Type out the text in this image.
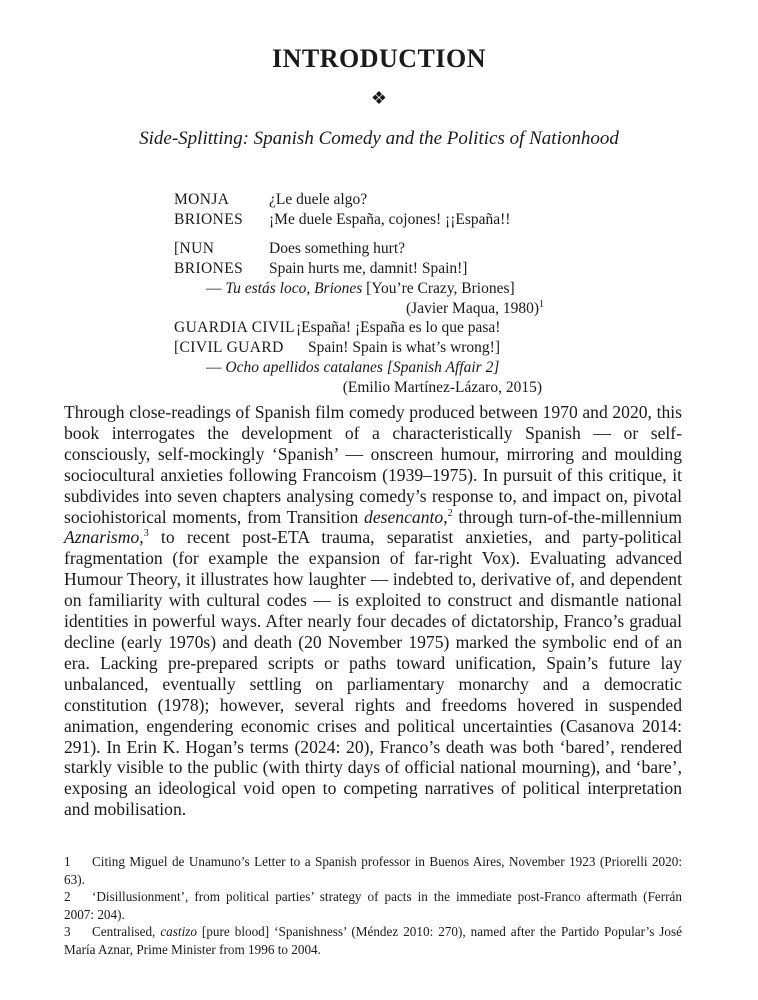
INTRODUCTION
❖
Side-Splitting: Spanish Comedy and the Politics of Nationhood
MONJA	¿Le duele algo?
BRIONES ¡Me duele España, cojones! ¡¡España!!
[NUN	Does something hurt?
BRIONES Spain hurts me, damnit! Spain!]
— Tu estás loco, Briones [You’re Crazy, Briones]
(Javier Maqua, 1980)$^1$
GUARDIA CIVIL ¡España! ¡España es lo que pasa!
[CIVIL GUARD Spain! Spain is what’s wrong!]
— Ocho apellidos catalanes [Spanish Affair 2]
(Emilio Martínez-Lázaro, 2015)

Through close-readings of Spanish film comedy produced between 1970 and 2020, this book interrogates the development of a characteristically Spanish — or self-consciously, self-mockingly ‘Spanish’ — onscreen humour, mirroring and moulding sociocultural anxieties following Francoism (1939–1975). In pursuit of this critique, it subdivides into seven chapters analysing comedy’s response to, and impact on, pivotal sociohistorical moments, from Transition desencanto,$^2$ through turn-of-the-millennium Aznarismo,$^3$ to recent post-ETA trauma, separatist anxieties, and party-political fragmentation (for example the expansion of far-right Vox). Evaluating advanced Humour Theory, it illustrates how laughter — indebted to, derivative of, and dependent on familiarity with cultural codes — is exploited to construct and dismantle national identities in powerful ways. After nearly four decades of dictatorship, Franco’s gradual decline (early 1970s) and death (20 November 1975) marked the symbolic end of an era. Lacking pre-prepared scripts or paths toward unification, Spain’s future lay unbalanced, eventually settling on parliamentary monarchy and a democratic constitution (1978); however, several rights and freedoms hovered in suspended animation, engendering economic crises and political uncertainties (Casanova 2014: 291). In Erin K. Hogan’s terms (2024: 20), Franco’s death was both ‘bared’, rendered starkly visible to the public (with thirty days of official national mourning), and ‘bare’, exposing an ideological void open to competing narratives of political interpretation and mobilisation.

1 Citing Miguel de Unamuno’s Letter to a Spanish professor in Buenos Aires, November 1923 (Priorelli 2020: 63).

2 ‘Disillusionment’, from political parties’ strategy of pacts in the immediate post-Franco aftermath (Ferrán 2007: 204).

3 Centralised, castizo [pure blood] ‘Spanishness’ (Méndez 2010: 270), named after the Partido Popular’s José María Aznar, Prime Minister from 1996 to 2004.
